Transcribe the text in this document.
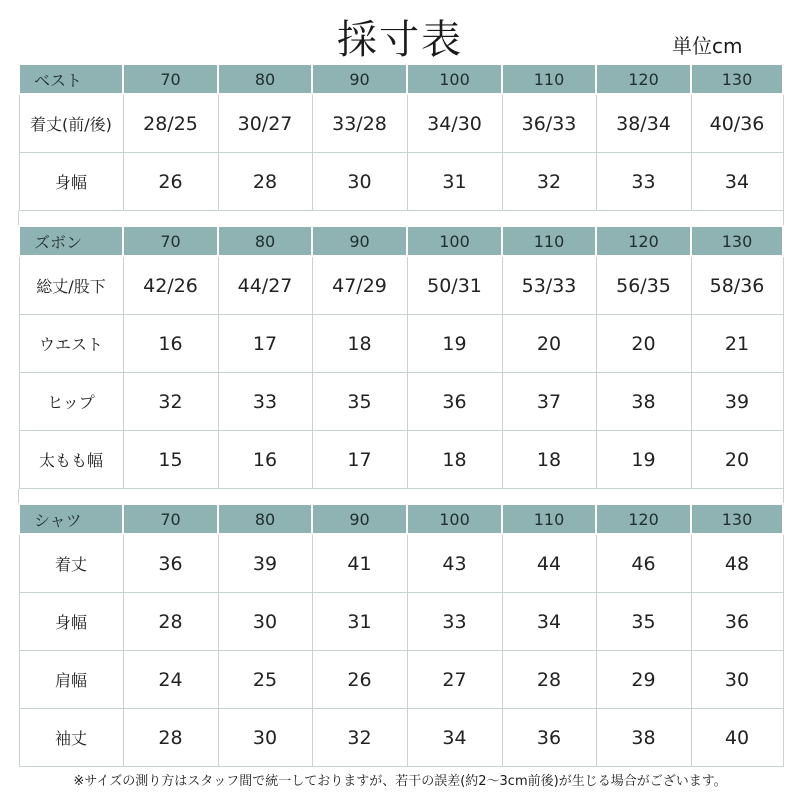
採寸表	単位cm
ベスト	70	80	90	100	110	120	130
着丈(前/後)	28/25	30/27	33/28	34/30	36/33	38/34	40/36
身幅	26	28	30	31	32	33	34
ズボン	70	80	90	100	110	120	130
総丈/股下	42/26	44/27	47/29	50/31	53/33	56/35	58/36
ウエスト	16	17	18	19	20	20	21
ヒップ	32	33	35	36	37	38	39
太もも幅	15	16	17	18	18	19	20
シャツ	70	80	90	100	110	120	130
着丈	36	39	41	43	44	46	48
身幅	28	30	31	33	34	35	36
肩幅	24	25	26	27	28	29	30
袖丈	28	30	32	34	36	38	40
※サイズの測り方はスタッフ間で統一しておりますが、若干の誤差(約2〜3cm前後)が生じる場合がございます。
